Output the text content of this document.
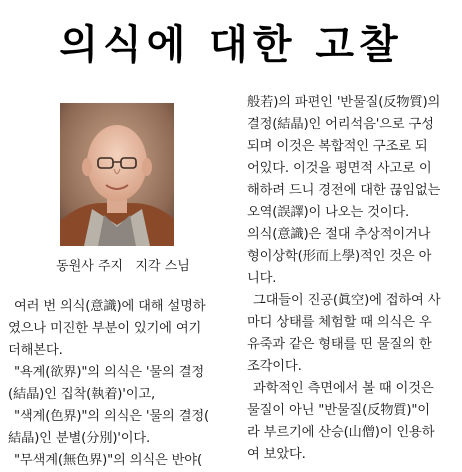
의식에 대한 고찰
동원사 주지 지각 스님
여러 번 의식(意識)에 대해 설명하
였으나 미진한 부분이 있기에 여기
더해본다.
"욕계(欲界)"의 의식은 '물의 결정
(結晶)인 집착(執着)'이고,
"색계(色界)"의 의식은 '물의 결정(
結晶)인 분별(分別)'이다.
"무색계(無色界)"의 의식은 반야(
般若)의 파편인 '반물질(反物質)의
결정(結晶)인 어리석음'으로 구성
되며 이것은 복합적인 구조로 되
어있다. 이것을 평면적 사고로 이
해하려 드니 경전에 대한 끊임없는
오역(誤譯)이 나오는 것이다.
의식(意識)은 절대 추상적이거나
형이상학(形而上學)적인 것은 아
니다.
그대들이 진공(眞空)에 접하여 사
마디 상태를 체험할 때 의식은 우
유죽과 같은 형태를 띤 물질의 한
조각이다.
과학적인 측면에서 볼 때 이것은
물질이 아닌 "반물질(反物質)"이
라 부르기에 산승(山僧)이 인용하
여 보았다.
